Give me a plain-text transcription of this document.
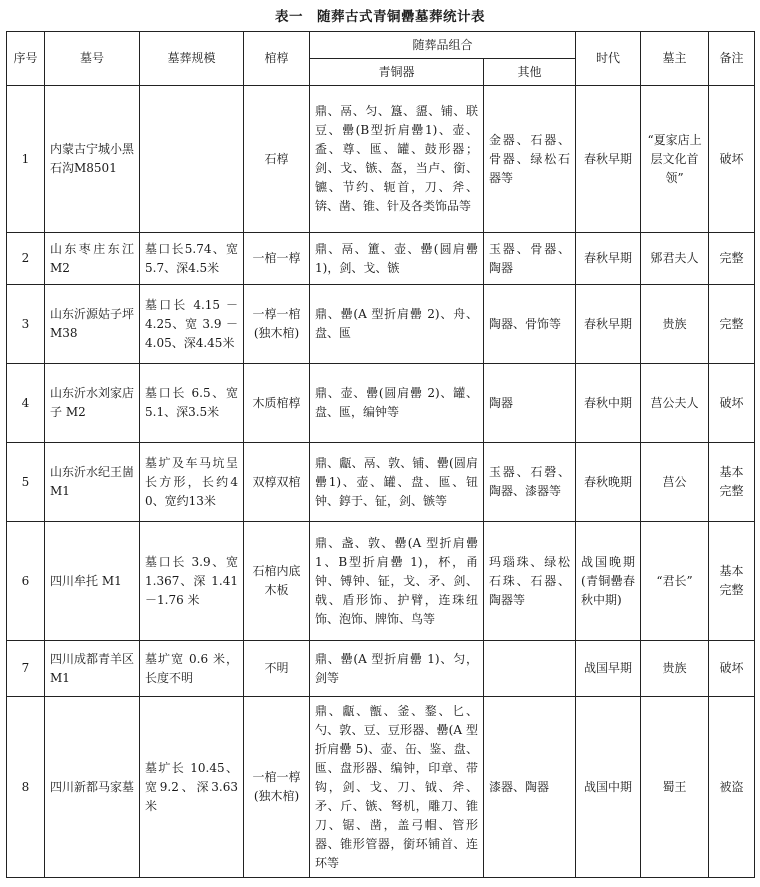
表一　随葬古式青铜罍墓葬统计表
序号	墓号	墓葬规模	棺椁	随葬品组合		时代	墓主	备注
				青铜器	其他			
1	内蒙古宁城小黑石沟M8501		石椁	鼎、鬲、匀、簋、盨、铺、联豆、罍(B型折肩罍1)、壶、盉、尊、匜、罐、鼓形器；剑、戈、镞、盔，当卢、銜、镳、节约、轭首，刀、斧、锛、凿、锥、针及各类饰品等	金器、石器、骨器、绿松石器等	春秋早期	“夏家店上层文化首领”	破坏
2	山东枣庄东江 M2	墓口长5.74、宽5.7、深4.5米	一棺一椁	鼎、鬲、簠、壶、罍(圆肩罍1)，剑、戈、镞	玉器、骨器、陶器	春秋早期	郳君夫人	完整
3	山东沂源姑子坪 M38	墓口长 4.15 － 4.25、宽 3.9 － 4.05、深4.45米	一椁一棺(独木棺)	鼎、罍(A 型折肩罍 2)、舟、盘、匜	陶器、骨饰等	春秋早期	贵族	完整
4	山东沂水刘家店子 M2	墓口长 6.5、宽5.1、深3.5米	木质棺椁	鼎、壶、罍(圆肩罍 2)、罐、盘、匜，编钟等	陶器	春秋中期	莒公夫人	破坏
5	山东沂水纪王崮 M1	墓圹及车马坑呈长方形，长约40、宽约13米	双椁双棺	鼎、甗、鬲、敦、铺、罍(圆肩罍1)、壶、罐、盘、匜、钮钟、錞于、钲，剑、镞等	玉器、石磬、陶器、漆器等	春秋晚期	莒公	基本完整
6	四川牟托 M1	墓口长 3.9、宽1.367、深 1.41 －1.76 米	石棺内底木板	鼎、盏、敦、罍(A 型折肩罍1、B型折肩罍 1)，杯，甬钟、镈钟、钲，戈、矛、剑、戟、盾形饰、护臂，连珠纽饰、泡饰、牌饰、鸟等	玛瑙珠、绿松石珠、石器、陶器等	战国晚期(青铜罍春秋中期)	“君长”	基本完整
7	四川成都青羊区 M1	墓圹宽 0.6 米，长度不明	不明	鼎、罍(A 型折肩罍 1)、匀，剑等		战国早期	贵族	破坏
8	四川新都马家墓	墓圹长 10.45、宽9.2、深3.63米	一棺一椁(独木棺)	鼎、甗、甑、釜、鍪、匕、勺、敦、豆、豆形器、罍(A 型折肩罍 5)、壶、缶、鉴、盘、匜、盘形器、编钟，印章、带钩，剑、戈、刀、钺、斧、矛、斤、镞、弩机，雕刀、锥刀、锯、凿，盖弓帽、管形器、锥形管器，銜环铺首、连环等	漆器、陶器	战国中期	蜀王	被盗
